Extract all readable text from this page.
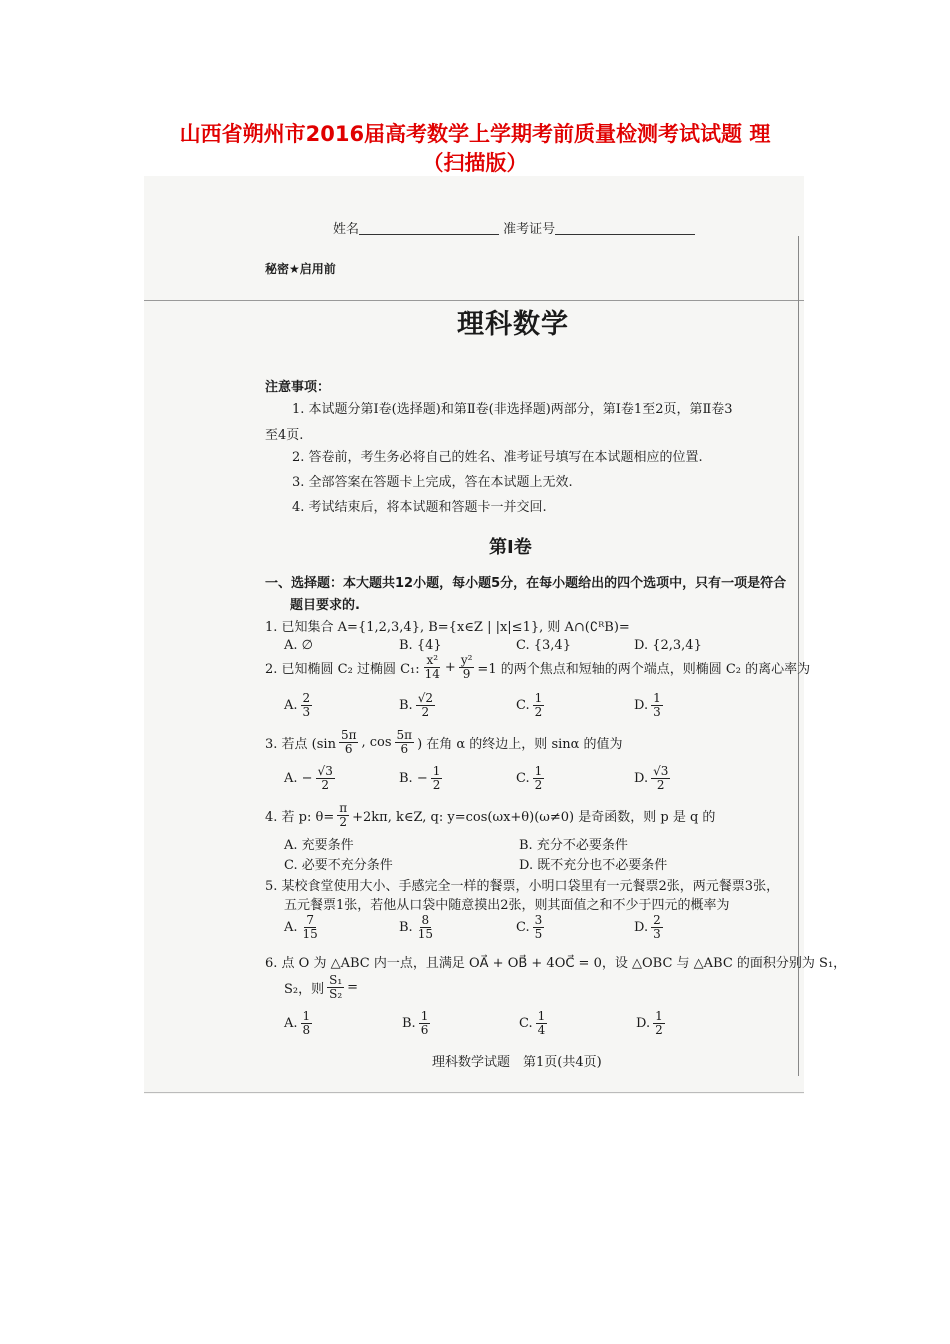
山西省朔州市2016届高考数学上学期考前质量检测考试试题 理
（扫描版）
姓名	准考证号
秘密★启用前
理科数学
注意事项：
1. 本试题分第Ⅰ卷(选择题)和第Ⅱ卷(非选择题)两部分，第Ⅰ卷1至2页，第Ⅱ卷3
至4页.
2. 答卷前，考生务必将自己的姓名、准考证号填写在本试题相应的位置.
3. 全部答案在答题卡上完成，答在本试题上无效.
4. 考试结束后，将本试题和答题卡一并交回.
第Ⅰ卷
一、选择题：本大题共12小题，每小题5分，在每小题给出的四个选项中，只有一项是符合
题目要求的.
1. 已知集合 A={1,2,3,4}, B={x∈Z | |x|≤1}, 则 A∩(∁ᴿB)=
A. ∅	B. {4}	C. {3,4}	D. {2,3,4}
2. 已知椭圆 C₂ 过椭圆 C₁: $\frac{\text{x²}}{14} + \frac{\text{y²}}{9} =1$ 的两个焦点和短轴的两个端点，则椭圆 C₂ 的离心率为
A. $\frac{2}{3}$	B. $\frac{√2}{2}$	C. $\frac{1}{2}$	D. $\frac{1}{3}$
3. 若点 ($\sin \frac{5\pi}{6}$ , $\cos \frac{5\pi}{6}$ ) 在角 α 的终边上，则 sinα 的值为
A. − $\frac{√3}{2}$	B. − $\frac{1}{2}$	C. $\frac{1}{2}$	D. $\frac{√3}{2}$
4. 若 p: $\theta= \frac{\pi}{2} +2k\pi$, k∈Z, q: y=cos(ωx+θ)(ω≠0) 是奇函数，则 p 是 q 的
A. 充要条件	B. 充分不必要条件
C. 必要不充分条件	D. 既不充分也不必要条件
5. 某校食堂使用大小、手感完全一样的餐票，小明口袋里有一元餐票2张，两元餐票3张，
五元餐票1张，若他从口袋中随意摸出2张，则其面值之和不少于四元的概率为
A. $\frac{7}{15}$	B. $\frac{8}{15}$	C. $\frac{3}{5}$	D. $\frac{2}{3}$
6. 点 O 为 △ABC 内一点，且满足 OA⃗ + OB⃗ + 4OC⃗ = 0，设 △OBC 与 △ABC 的面积分别为 S₁，
S₂，则 $\frac{\text{S₁}}{\text{S₂}}$ =
A. $\frac{1}{8}$	B. $\frac{1}{6}$	C. $\frac{1}{4}$	D. $\frac{1}{2}$
理科数学试题　第1页(共4页)
